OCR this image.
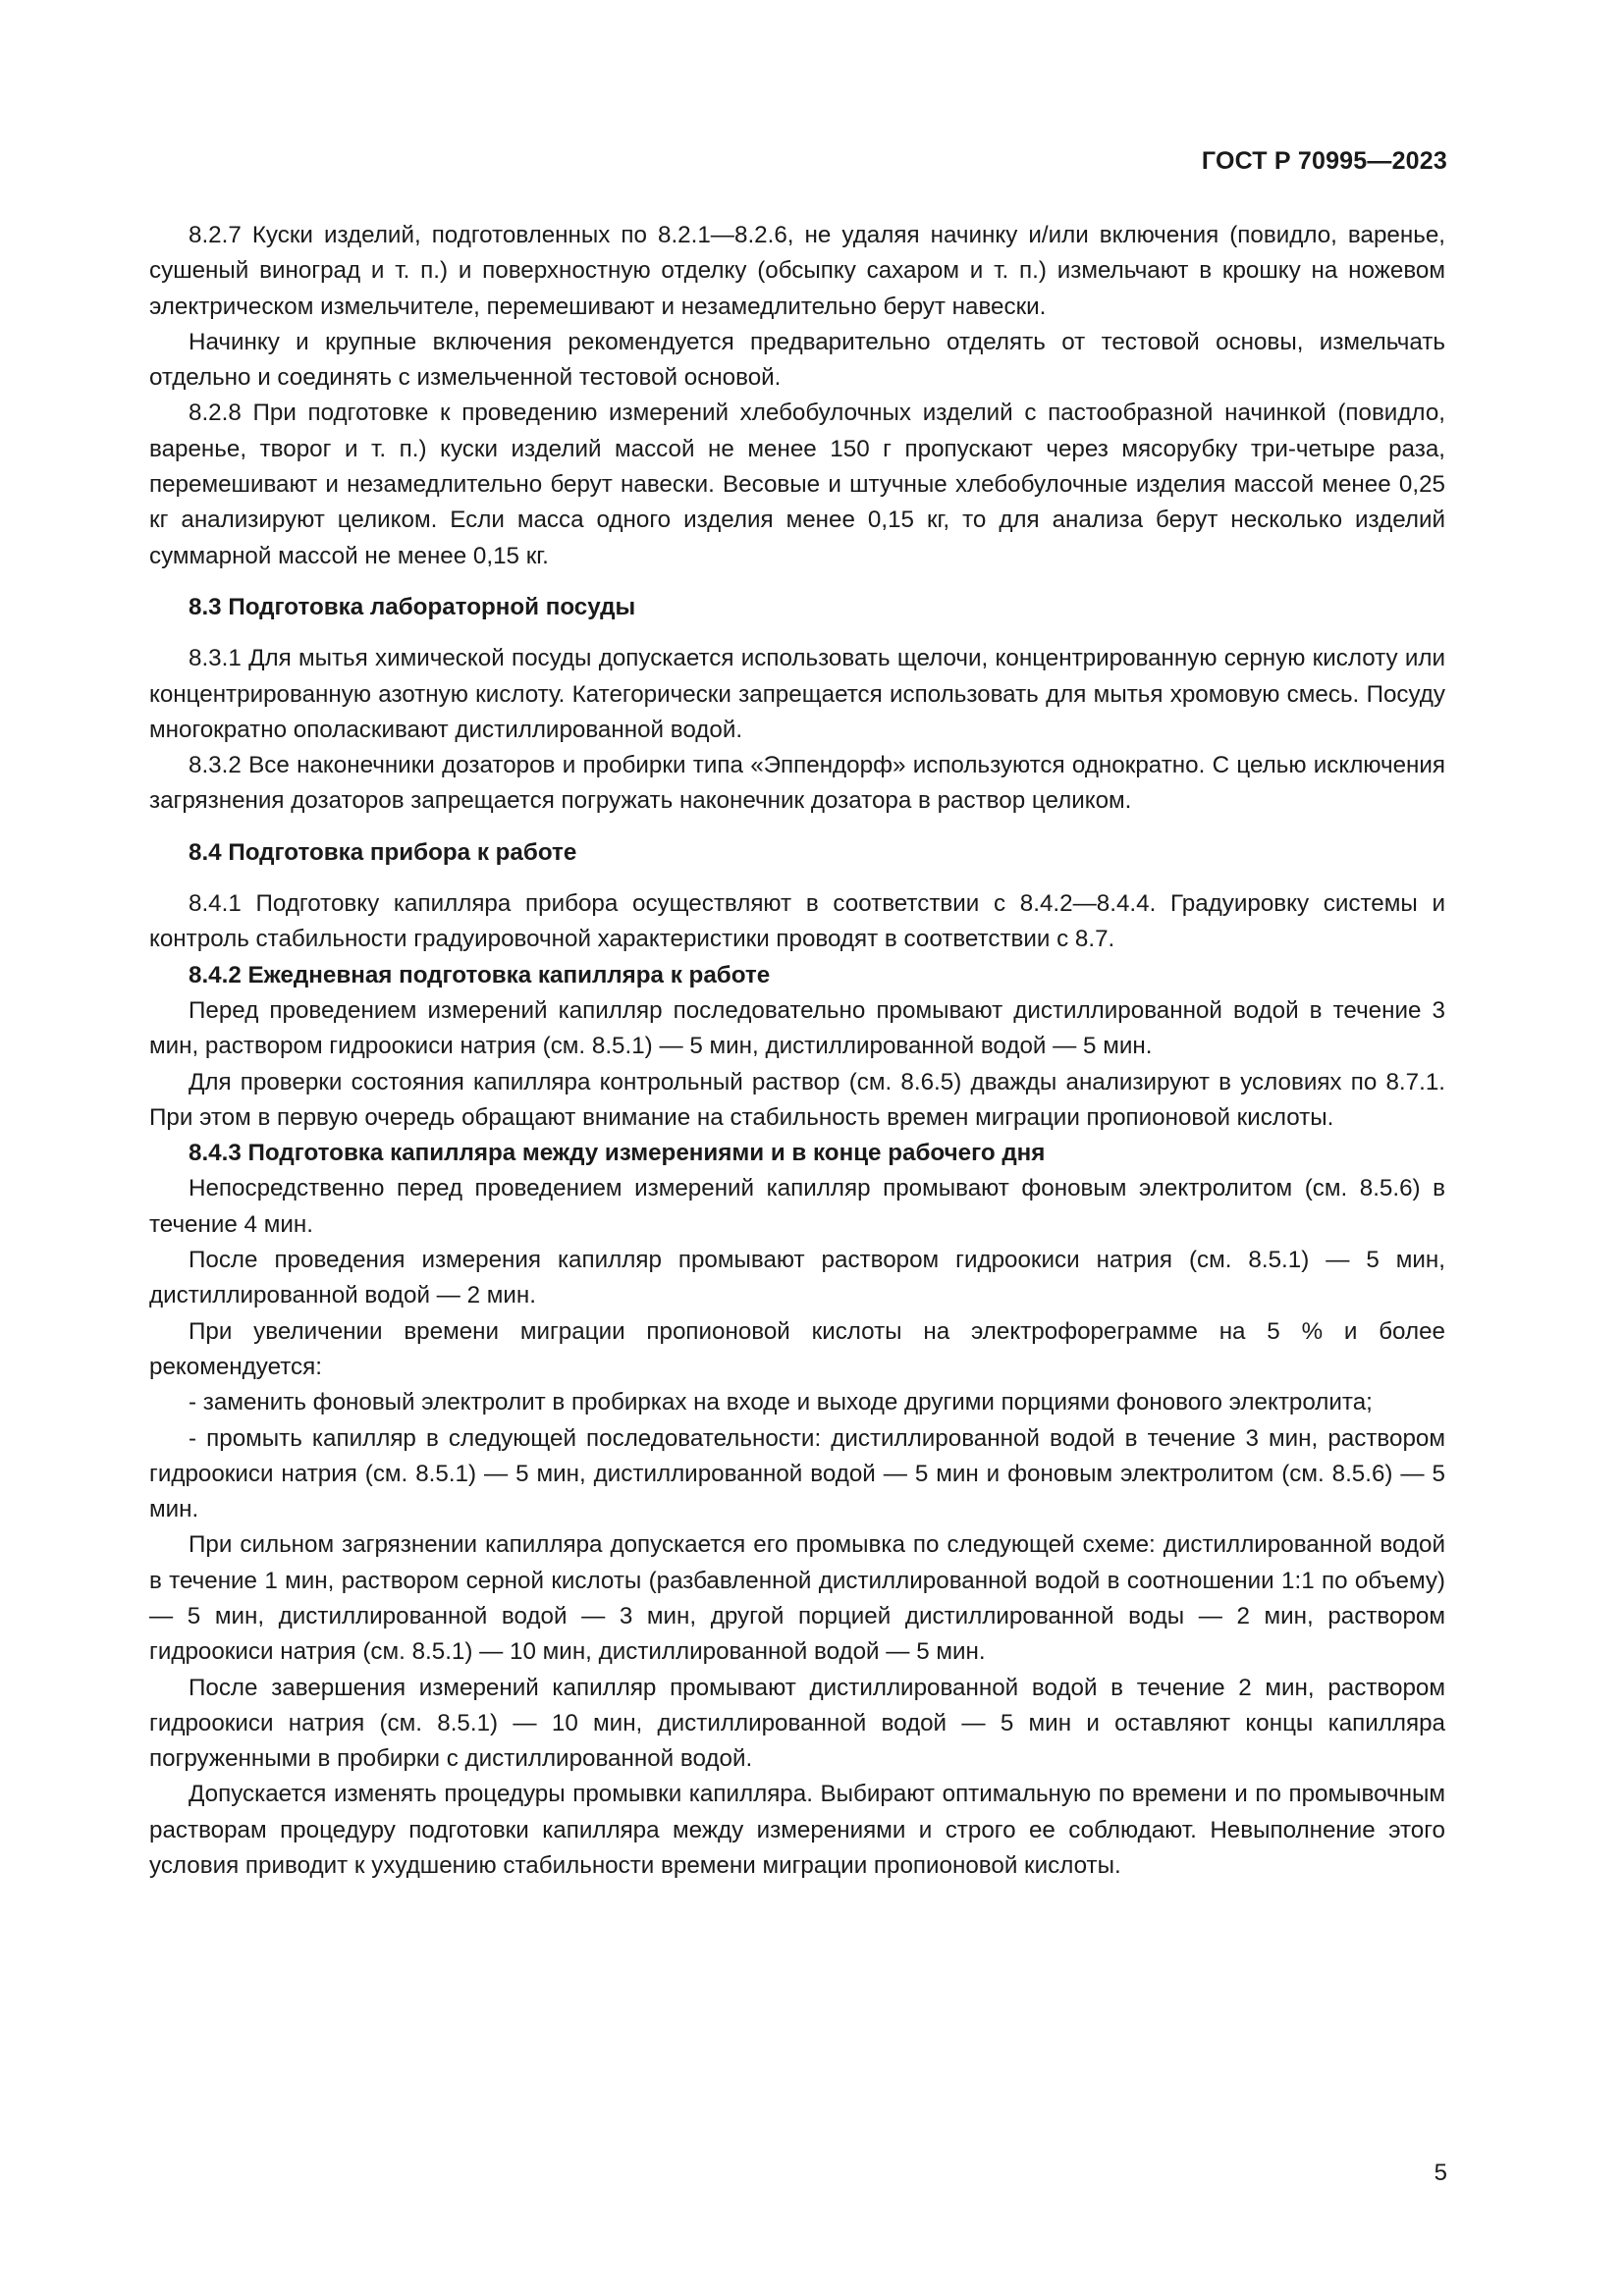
ГОСТ Р 70995—2023

8.2.7 Куски изделий, подготовленных по 8.2.1—8.2.6, не удаляя начинку и/или включения (повидло, варенье, сушеный виноград и т. п.) и поверхностную отделку (обсыпку сахаром и т. п.) измельчают в крошку на ножевом электрическом измельчителе, перемешивают и незамедлительно берут навески.

Начинку и крупные включения рекомендуется предварительно отделять от тестовой основы, измельчать отдельно и соединять с измельченной тестовой основой.

8.2.8 При подготовке к проведению измерений хлебобулочных изделий с пастообразной начинкой (повидло, варенье, творог и т. п.) куски изделий массой не менее 150 г пропускают через мясорубку три-четыре раза, перемешивают и незамедлительно берут навески. Весовые и штучные хлебобулочные изделия массой менее 0,25 кг анализируют целиком. Если масса одного изделия менее 0,15 кг, то для анализа берут несколько изделий суммарной массой не менее 0,15 кг.

8.3 Подготовка лабораторной посуды

8.3.1 Для мытья химической посуды допускается использовать щелочи, концентрированную серную кислоту или концентрированную азотную кислоту. Категорически запрещается использовать для мытья хромовую смесь. Посуду многократно ополаскивают дистиллированной водой.

8.3.2 Все наконечники дозаторов и пробирки типа «Эппендорф» используются однократно. С целью исключения загрязнения дозаторов запрещается погружать наконечник дозатора в раствор целиком.

8.4 Подготовка прибора к работе

8.4.1 Подготовку капилляра прибора осуществляют в соответствии с 8.4.2—8.4.4. Градуировку системы и контроль стабильности градуировочной характеристики проводят в соответствии с 8.7.

8.4.2 Ежедневная подготовка капилляра к работе

Перед проведением измерений капилляр последовательно промывают дистиллированной водой в течение 3 мин, раствором гидроокиси натрия (см. 8.5.1) — 5 мин, дистиллированной водой — 5 мин.

Для проверки состояния капилляра контрольный раствор (см. 8.6.5) дважды анализируют в условиях по 8.7.1. При этом в первую очередь обращают внимание на стабильность времен миграции пропионовой кислоты.

8.4.3 Подготовка капилляра между измерениями и в конце рабочего дня

Непосредственно перед проведением измерений капилляр промывают фоновым электролитом (см. 8.5.6) в течение 4 мин.

После проведения измерения капилляр промывают раствором гидроокиси натрия (см. 8.5.1) — 5 мин, дистиллированной водой — 2 мин.

При увеличении времени миграции пропионовой кислоты на электрофореграмме на 5 % и более рекомендуется:

- заменить фоновый электролит в пробирках на входе и выходе другими порциями фонового электролита;

- промыть капилляр в следующей последовательности: дистиллированной водой в течение 3 мин, раствором гидроокиси натрия (см. 8.5.1) — 5 мин, дистиллированной водой — 5 мин и фоновым электролитом (см. 8.5.6) — 5 мин.

При сильном загрязнении капилляра допускается его промывка по следующей схеме: дистиллированной водой в течение 1 мин, раствором серной кислоты (разбавленной дистиллированной водой в соотношении 1:1 по объему) — 5 мин, дистиллированной водой — 3 мин, другой порцией дистиллированной воды — 2 мин, раствором гидроокиси натрия (см. 8.5.1) — 10 мин, дистиллированной водой — 5 мин.

После завершения измерений капилляр промывают дистиллированной водой в течение 2 мин, раствором гидроокиси натрия (см. 8.5.1) — 10 мин, дистиллированной водой — 5 мин и оставляют концы капилляра погруженными в пробирки с дистиллированной водой.

Допускается изменять процедуры промывки капилляра. Выбирают оптимальную по времени и по промывочным растворам процедуру подготовки капилляра между измерениями и строго ее соблюдают. Невыполнение этого условия приводит к ухудшению стабильности времени миграции пропионовой кислоты.

5
